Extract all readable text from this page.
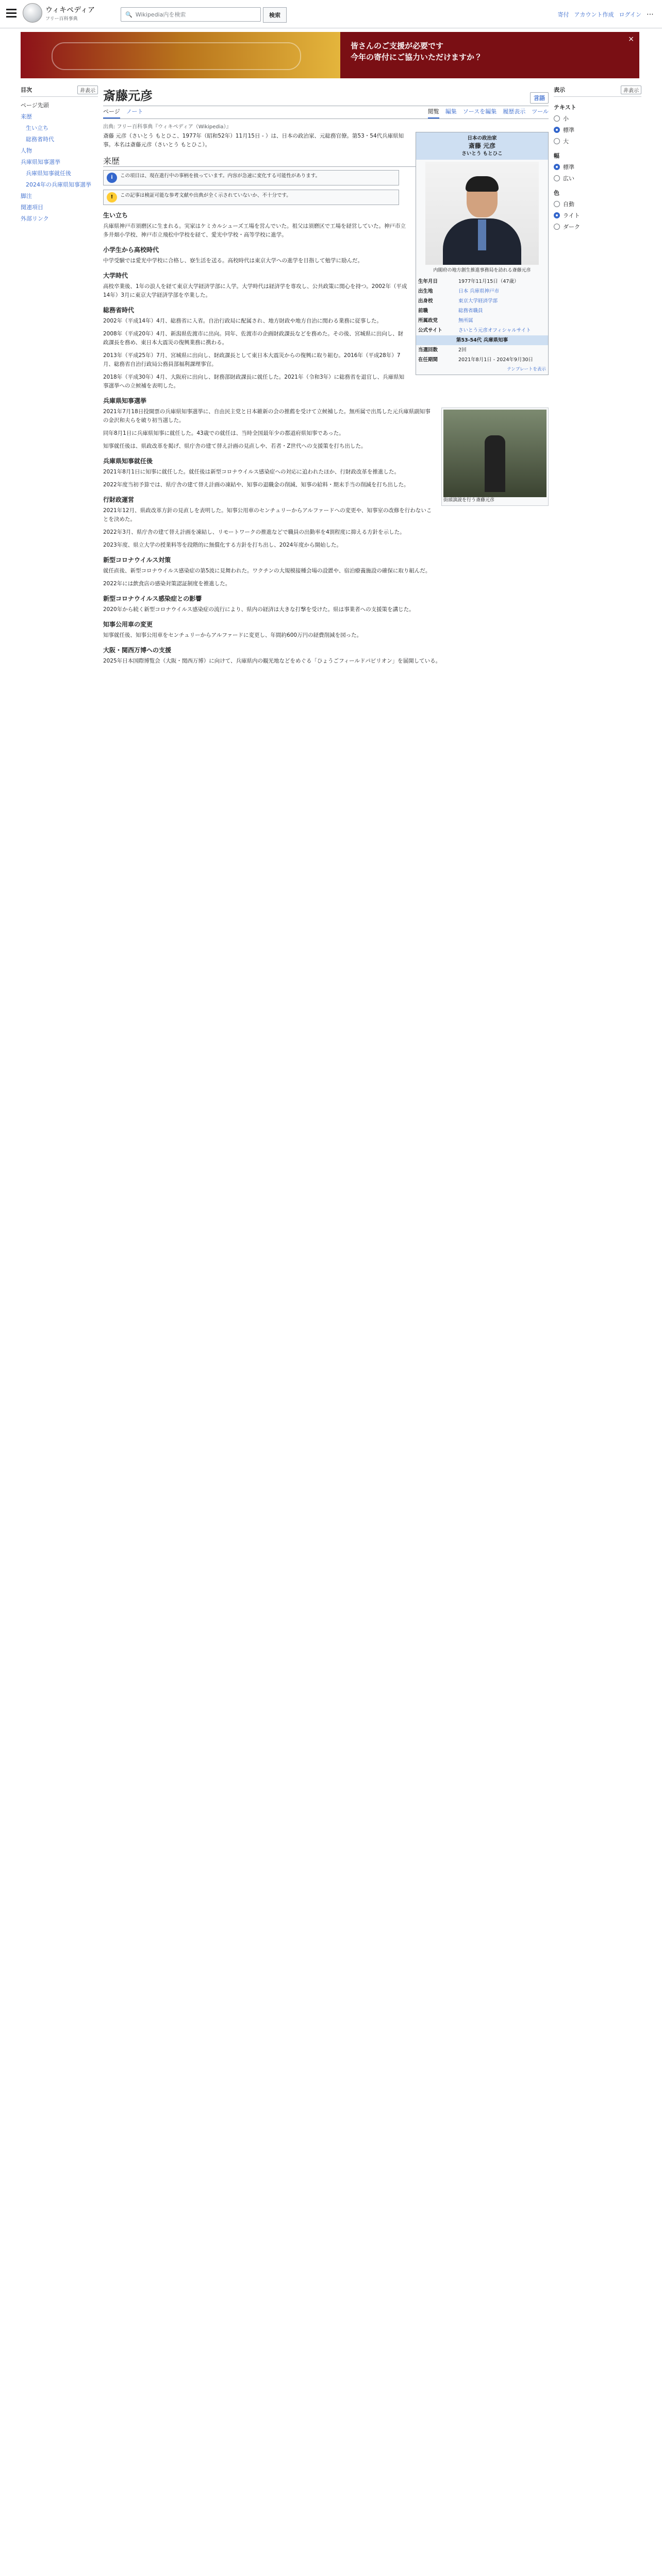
ウィキペディア
フリー百科事典
🔍 Wikipedia内を検索	検索	寄付 アカウント作成 ログイン ⋯
皆さんのご支援が必要です
今年の寄付にご協力いただけますか？
×
目次	非表示
ページ先頭
来歴
生い立ち
総務省時代
人物
兵庫県知事選挙
兵庫県知事就任後
2024年の兵庫県知事選挙
脚注
関連項目
外部リンク
斎藤元彦	言語
ページ ノート	閲覧 編集 ソースを編集 履歴表示 ツール
出典: フリー百科事典『ウィキペディア（Wikipedia）』
日本の政治家
斎藤 元彦
さいとう もとひこ
内閣府の地方創生推進事務局を訪れる斎藤元彦
生年月日	1977年11月15日（47歳）
出生地	日本 兵庫県神戸市
出身校	東京大学経済学部
前職	総務省職員
所属政党	無所属
公式サイト	さいとう元彦オフィシャルサイト
第53-54代 兵庫県知事	
当選回数	2回
在任期間	2021年8月1日 - 2024年9月30日
テンプレートを表示	

斎藤 元彦（さいとう もとひこ、1977年（昭和52年）11月15日 - ）は、日本の政治家、元総務官僚。第53・54代兵庫県知事。本名は斎藤元彦（さいとう もとひこ）。

来歴
i	この項目は、現在進行中の事柄を扱っています。内容が急速に変化する可能性があります。
!	この記事は検証可能な参考文献や出典が全く示されていないか、不十分です。
生い立ち

兵庫県神戸市須磨区に生まれる。実家はケミカルシューズ工場を営んでいた。祖父は須磨区で工場を経営していた。神戸市立多井畑小学校、神戸市立飛松中学校を経て、愛光中学校・高等学校に進学。

小学生から高校時代

中学受験では愛光中学校に合格し、寮生活を送る。高校時代は東京大学への進学を目指して勉学に励んだ。

大学時代

高校卒業後、1年の浪人を経て東京大学経済学部に入学。大学時代は経済学を専攻し、公共政策に関心を持つ。2002年（平成14年）3月に東京大学経済学部を卒業した。

総務省時代

2002年（平成14年）4月、総務省に入省。自治行政局に配属され、地方財政や地方自治に関わる業務に従事した。

2008年（平成20年）4月、新潟県佐渡市に出向。同年、佐渡市の企画財政課長などを務めた。その後、宮城県に出向し、財政課長を務め、東日本大震災の復興業務に携わる。

2013年（平成25年）7月、宮城県に出向し、財政課長として東日本大震災からの復興に取り組む。2016年（平成28年）7月、総務省自治行政局公務員部福利課理事官。

2018年（平成30年）4月、大阪府に出向し、財務部財政課長に就任した。2021年（令和3年）に総務省を退官し、兵庫県知事選挙への立候補を表明した。

兵庫県知事選挙
街頭演説を行う斎藤元彦

2021年7月18日投開票の兵庫県知事選挙に、自由民主党と日本維新の会の推薦を受けて立候補した。無所属で出馬した元兵庫県副知事の金沢和夫らを破り初当選した。

同年8月1日に兵庫県知事に就任した。43歳での就任は、当時全国最年少の都道府県知事であった。

知事就任後は、県政改革を掲げ、県庁舎の建て替え計画の見直しや、若者・Z世代への支援策を打ち出した。

兵庫県知事就任後

2021年8月1日に知事に就任した。就任後は新型コロナウイルス感染症への対応に追われたほか、行財政改革を推進した。

2022年度当初予算では、県庁舎の建て替え計画の凍結や、知事の退職金の削減、知事の給料・期末手当の削減を打ち出した。

行財政運営

2021年12月、県政改革方針の見直しを表明した。知事公用車のセンチュリーからアルファードへの変更や、知事室の改修を行わないことを決めた。

2022年3月、県庁舎の建て替え計画を凍結し、リモートワークの推進などで職員の出勤率を4割程度に抑える方針を示した。

2023年度、県立大学の授業料等を段階的に無償化する方針を打ち出し、2024年度から開始した。

新型コロナウイルス対策

就任直後、新型コロナウイルス感染症の第5波に見舞われた。ワクチンの大規模接種会場の設置や、宿泊療養施設の確保に取り組んだ。

2022年には飲食店の感染対策認証制度を推進した。

新型コロナウイルス感染症との影響

2020年から続く新型コロナウイルス感染症の流行により、県内の経済は大きな打撃を受けた。県は事業者への支援策を講じた。

知事公用車の変更

知事就任後、知事公用車をセンチュリーからアルファードに変更し、年間約600万円の経費削減を図った。

大阪・関西万博への支援

2025年日本国際博覧会（大阪・関西万博）に向けて、兵庫県内の観光地などをめぐる「ひょうごフィールドパビリオン」を展開している。

表示	非表示
テキスト
小
標準
大
幅
標準
広い
色
自動
ライト
ダーク
